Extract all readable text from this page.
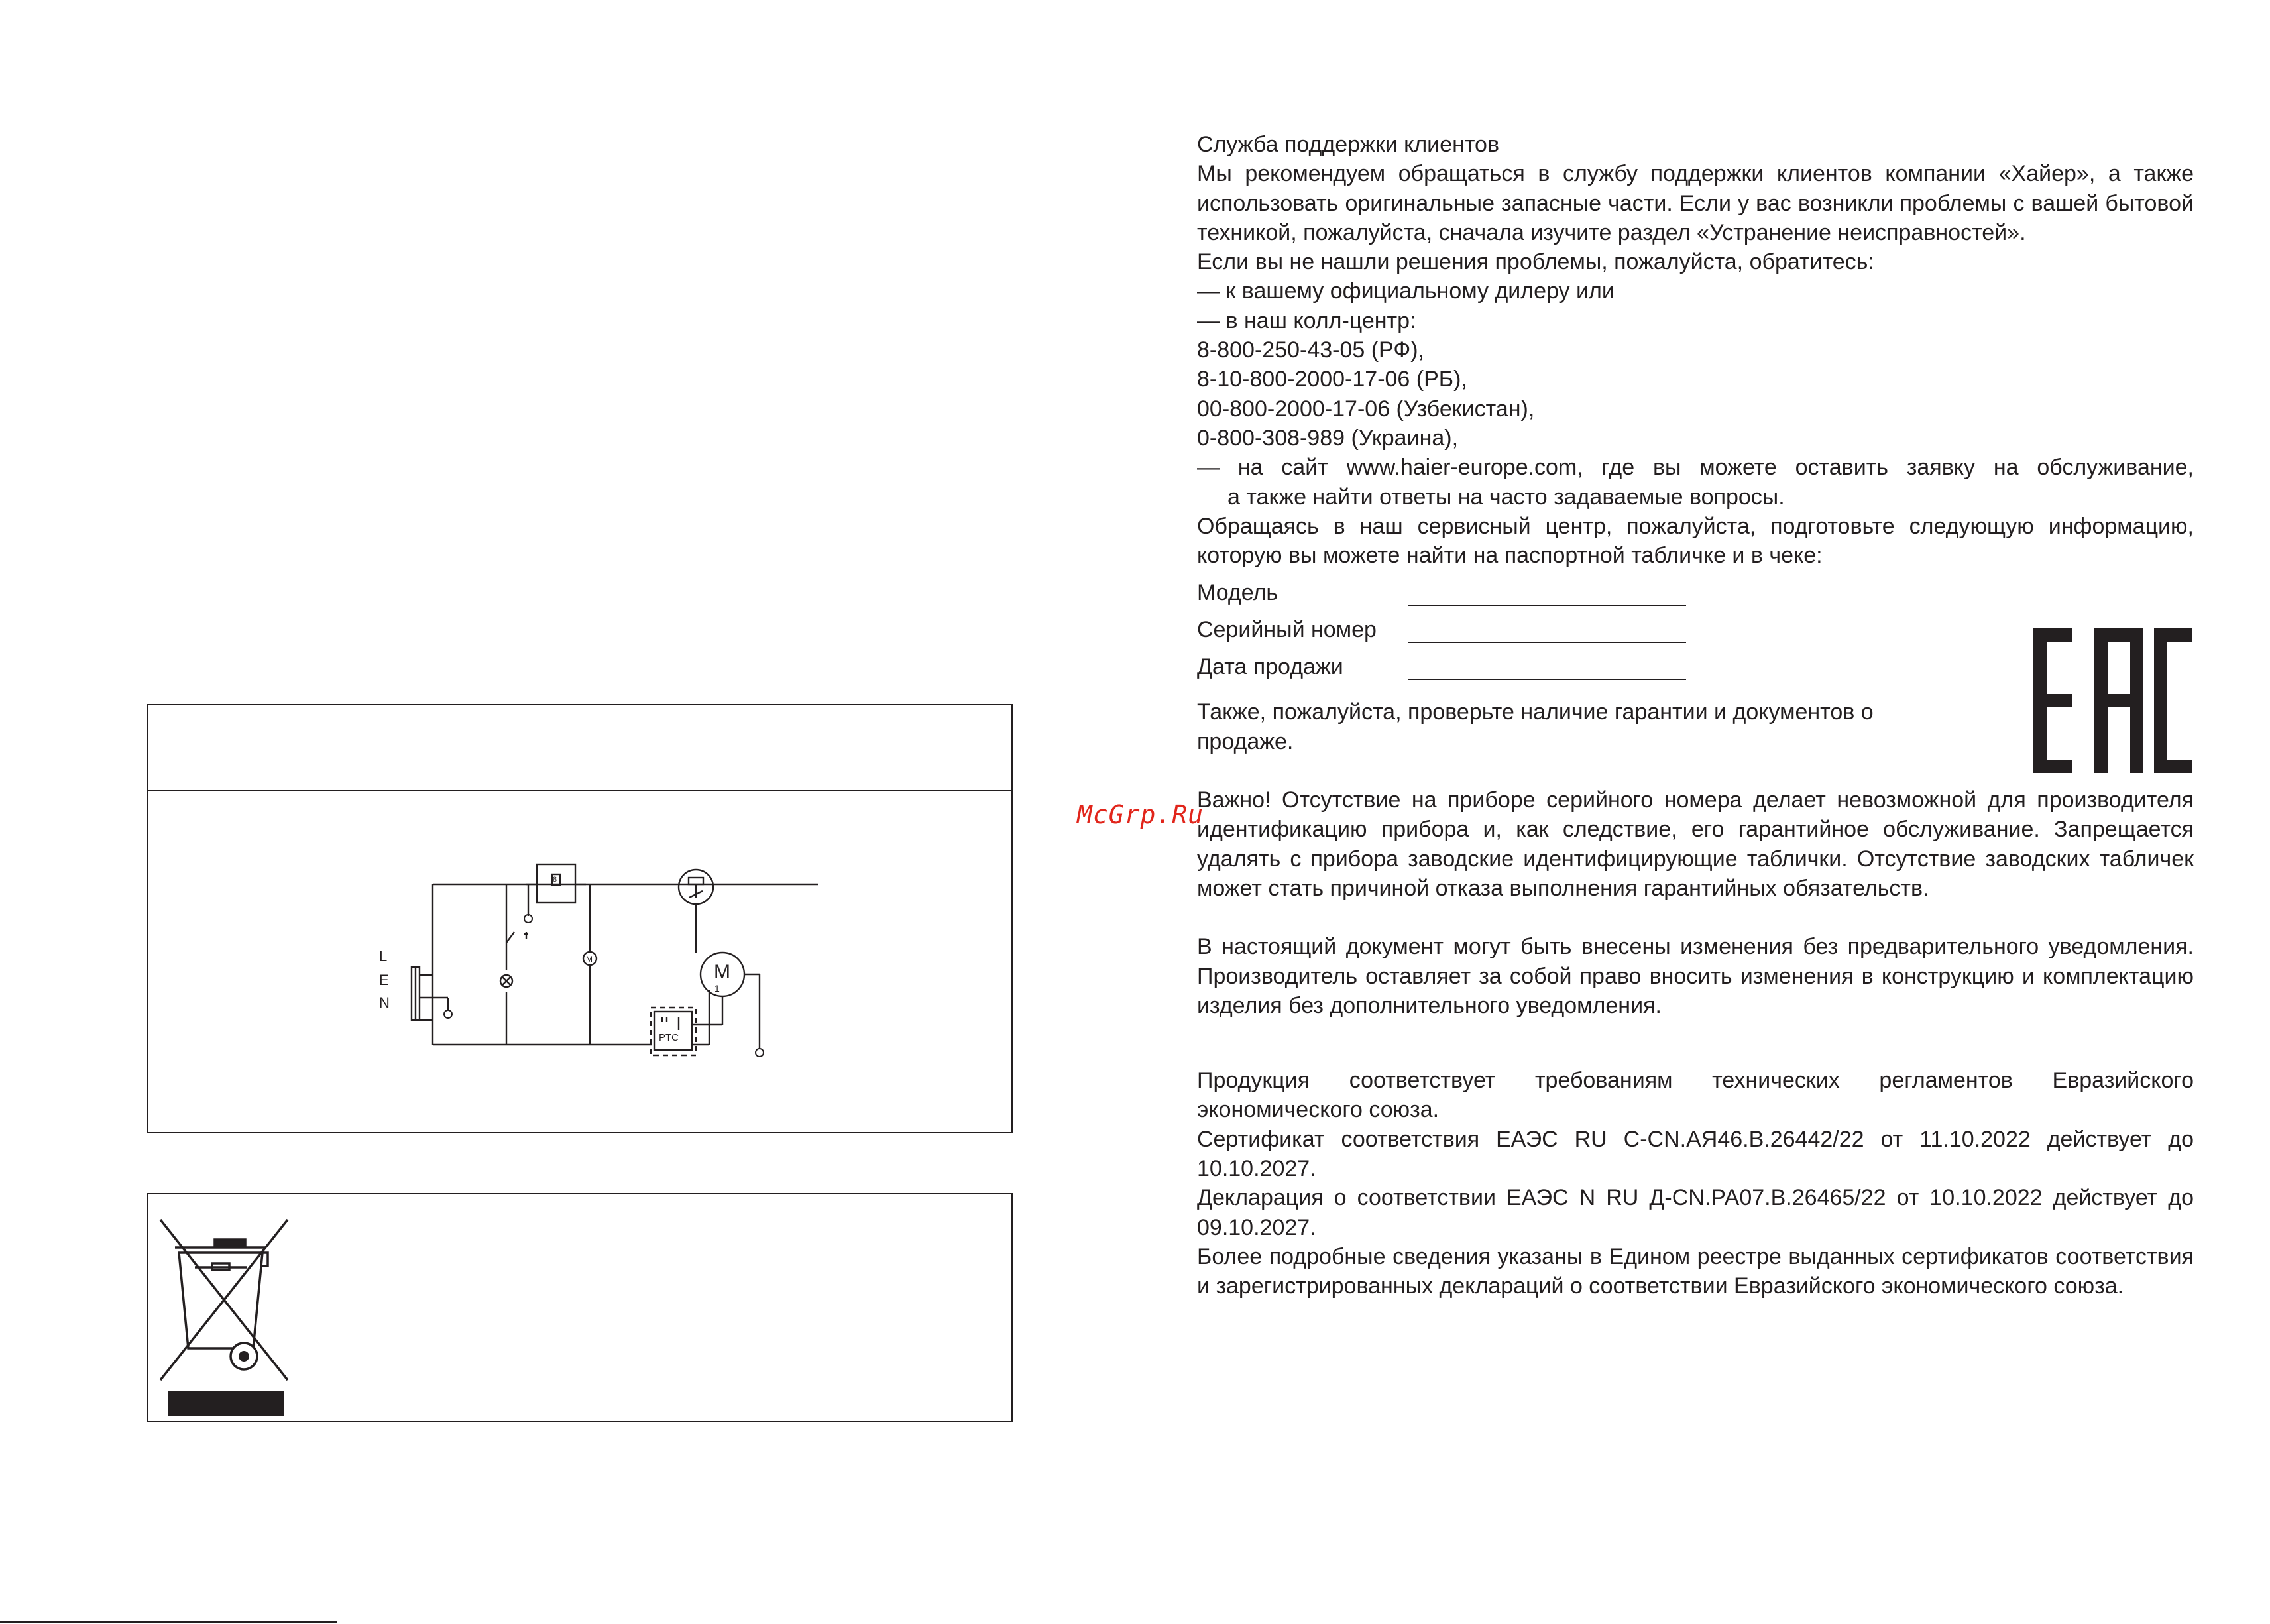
L
E
N
M
1
M
PTC
8
McGrp.Ru

Служба поддержки клиентов

Мы рекомендуем обращаться в службу поддержки клиентов компании «Хайер», а также использовать оригинальные запасные части. Если у вас возникли проблемы с вашей бытовой техникой, пожалуйста, сначала изучите раздел «Устранение неисправностей».

Если вы не нашли решения проблемы, пожалуйста, обратитесь:

— к вашему официальному дилеру или

— в наш колл-центр:

8-800-250-43-05 (РФ),

8-10-800-2000-17-06 (РБ),

00-800-2000-17-06 (Узбекистан),

0-800-308-989 (Украина),

— на сайт www.haier-europe.com, где вы можете оставить заявку на обслуживание,

а также найти ответы на часто задаваемые вопросы.

Обращаясь в наш сервисный центр, пожалуйста, подготовьте следующую информацию, которую вы можете найти на паспортной табличке и в чеке:

Модель
Серийный номер
Дата продажи

Также, пожалуйста, проверьте наличие гарантии и документов о продаже.

Важно! Отсутствие на приборе серийного номера делает невозможной для производителя идентификацию прибора и, как следствие, его гарантийное обслуживание. Запрещается удалять с прибора заводские идентифицирующие таблички. Отсутствие заводских табличек может стать причиной отказа выполнения гарантийных обязательств.

В настоящий документ могут быть внесены изменения без предварительного уведомления. Производитель оставляет за собой право вносить изменения в конструкцию и комплектацию изделия без дополнительного уведомления.

Продукция соответствует требованиям технических регламентов Евразийского экономического союза.

Сертификат соответствия ЕАЭС RU C-CN.АЯ46.В.26442/22 от 11.10.2022 действует до 10.10.2027.

Декларация о соответствии ЕАЭС N RU Д-CN.РА07.В.26465/22 от 10.10.2022 действует до 09.10.2027.

Более подробные сведения указаны в Едином реестре выданных сертификатов соответствия и зарегистрированных деклараций о соответствии Евразийского экономического союза.
